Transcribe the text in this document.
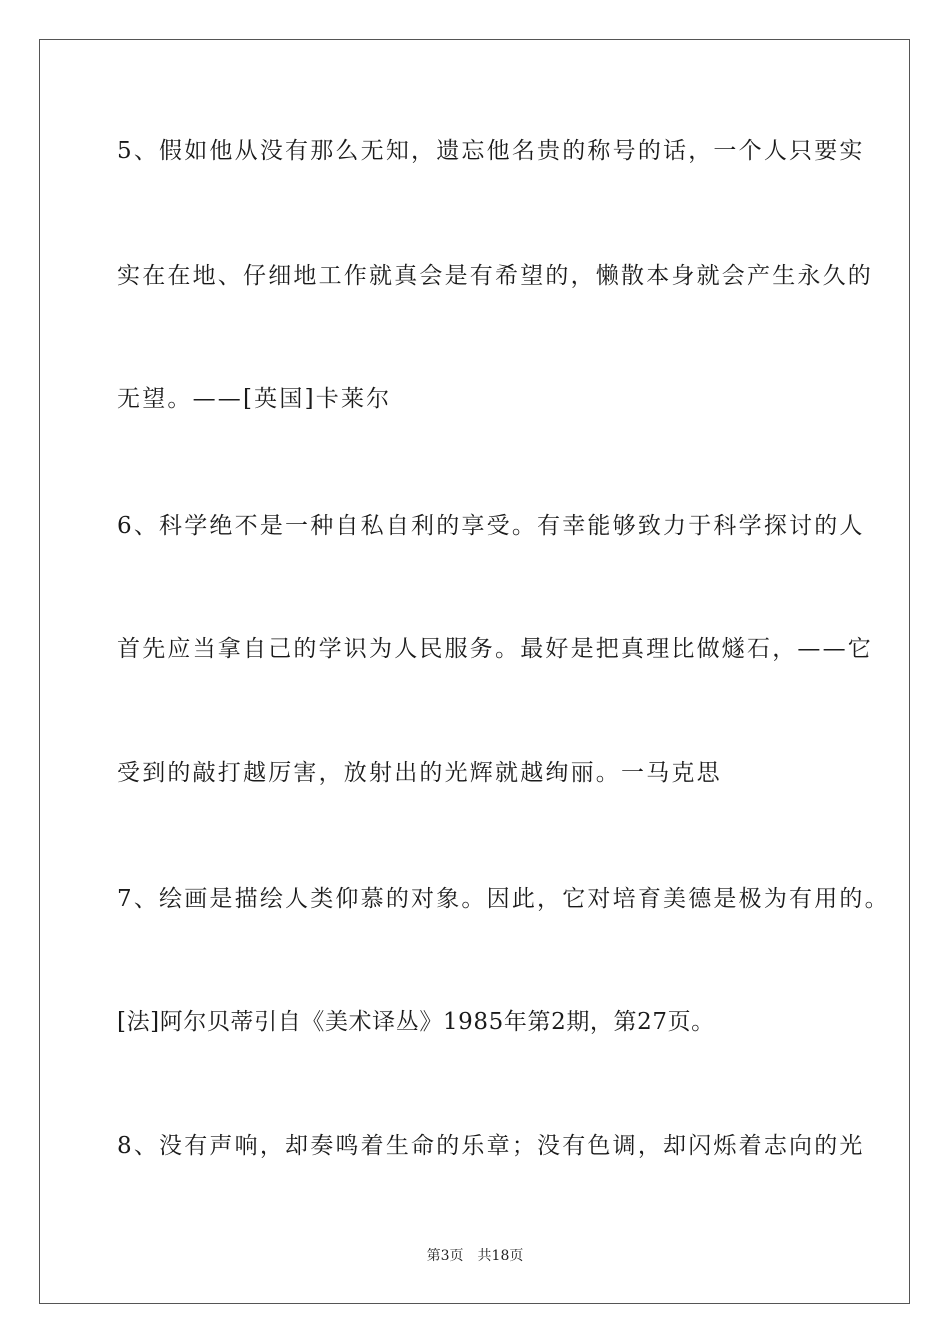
5、假如他从没有那么无知，遗忘他名贵的称号的话，一个人只要实
实在在地、仔细地工作就真会是有希望的，懒散本身就会产生永久的
无望。——[英国]卡莱尔
6、科学绝不是一种自私自利的享受。有幸能够致力于科学探讨的人
首先应当拿自己的学识为人民服务。最好是把真理比做燧石，——它
受到的敲打越厉害，放射出的光辉就越绚丽。一马克思
7、绘画是描绘人类仰慕的对象。因此，它对培育美德是极为有用的。
[法]阿尔贝蒂引自《美术译丛》1985年第2期，第27页。
8、没有声响，却奏鸣着生命的乐章；没有色调，却闪烁着志向的光
第3页 共18页
